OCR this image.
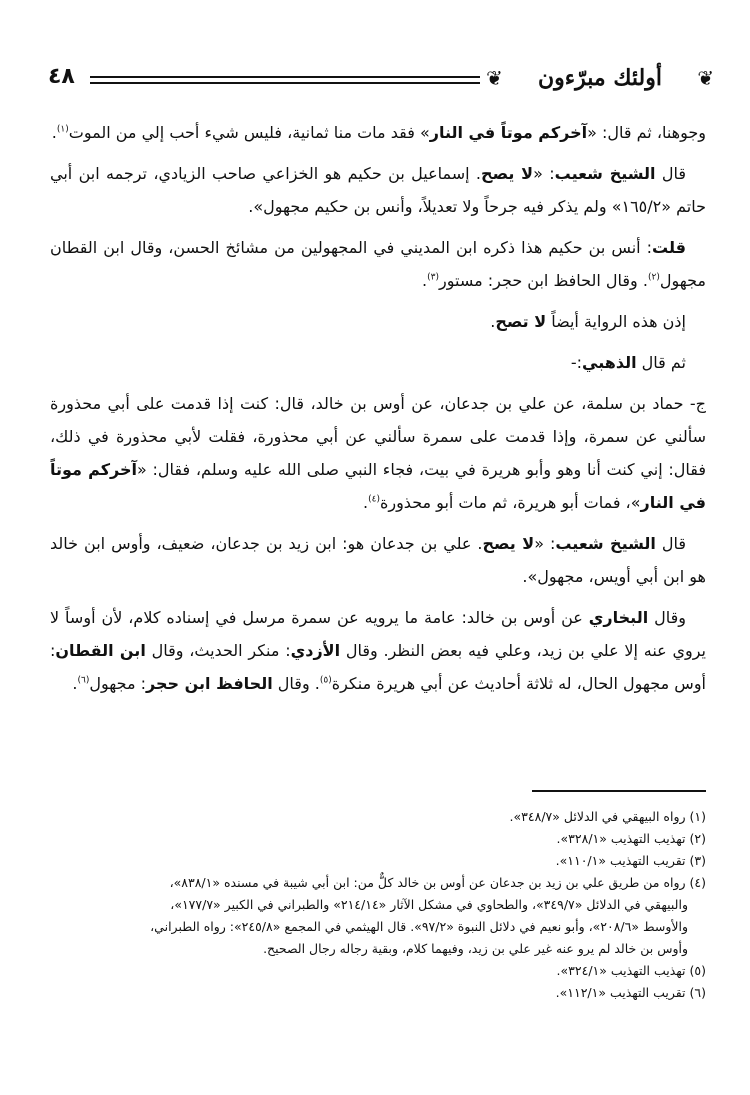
٤٨	❦ أولئك مبرّءون ❦

وجوهنا، ثم قال: «آخركم موتاً في النار» فقد مات منا ثمانية، فليس شيء أحب إلي من الموت$^{(١)}$.

قال الشيخ شعيب: «لا يصح. إسماعيل بن حكيم هو الخزاعي صاحب الزيادي، ترجمه ابن أبي حاتم «١٦٥/٢» ولم يذكر فيه جرحاً ولا تعديلاً، وأنس بن حكيم مجهول».

قلت: أنس بن حكيم هذا ذكره ابن المديني في المجهولين من مشائخ الحسن، وقال ابن القطان مجهول$^{(٢)}$. وقال الحافظ ابن حجر: مستور$^{(٣)}$.

إذن هذه الرواية أيضاً لا تصح.

ثم قال الذهبي:-

ج- حماد بن سلمة، عن علي بن جدعان، عن أوس بن خالد، قال: كنت إذا قدمت على أبي محذورة سألني عن سمرة، وإذا قدمت على سمرة سألني عن أبي محذورة، فقلت لأبي محذورة في ذلك، فقال: إني كنت أنا وهو وأبو هريرة في بيت، فجاء النبي صلى الله عليه وسلم، فقال: «آخركم موتاً في النار»، فمات أبو هريرة، ثم مات أبو محذورة$^{(٤)}$.

قال الشيخ شعيب: «لا يصح. علي بن جدعان هو: ابن زيد بن جدعان، ضعيف، وأوس ابن خالد هو ابن أبي أويس، مجهول».

وقال البخاري عن أوس بن خالد: عامة ما يرويه عن سمرة مرسل في إسناده كلام، لأن أوساً لا يروي عنه إلا علي بن زيد، وعلي فيه بعض النظر. وقال الأزدي: منكر الحديث، وقال ابن القطان: أوس مجهول الحال، له ثلاثة أحاديث عن أبي هريرة منكرة$^{(٥)}$. وقال الحافظ ابن حجر: مجهول$^{(٦)}$.

(١) رواه البيهقي في الدلائل «٣٤٨/٧».

(٢) تهذيب التهذيب «٣٢٨/١».

(٣) تقريب التهذيب «١١٠/١».

(٤) رواه من طريق علي بن زيد بن جدعان عن أوس بن خالد كلٌّ من: ابن أبي شيبة في مسنده «٨٣٨/١»،

والبيهقي في الدلائل «٣٤٩/٧»، والطحاوي في مشكل الآثار «٢١٤/١٤» والطبراني في الكبير «١٧٧/٧»،

والأوسط «٢٠٨/٦»، وأبو نعيم في دلائل النبوة «٩٧/٢». قال الهيثمي في المجمع «٢٤٥/٨»: رواه الطبراني،

وأوس بن خالد لم يرو عنه غير علي بن زيد، وفيهما كلام، وبقية رجاله رجال الصحيح.

(٥) تهذيب التهذيب «٣٢٤/١».

(٦) تقريب التهذيب «١١٢/١».
